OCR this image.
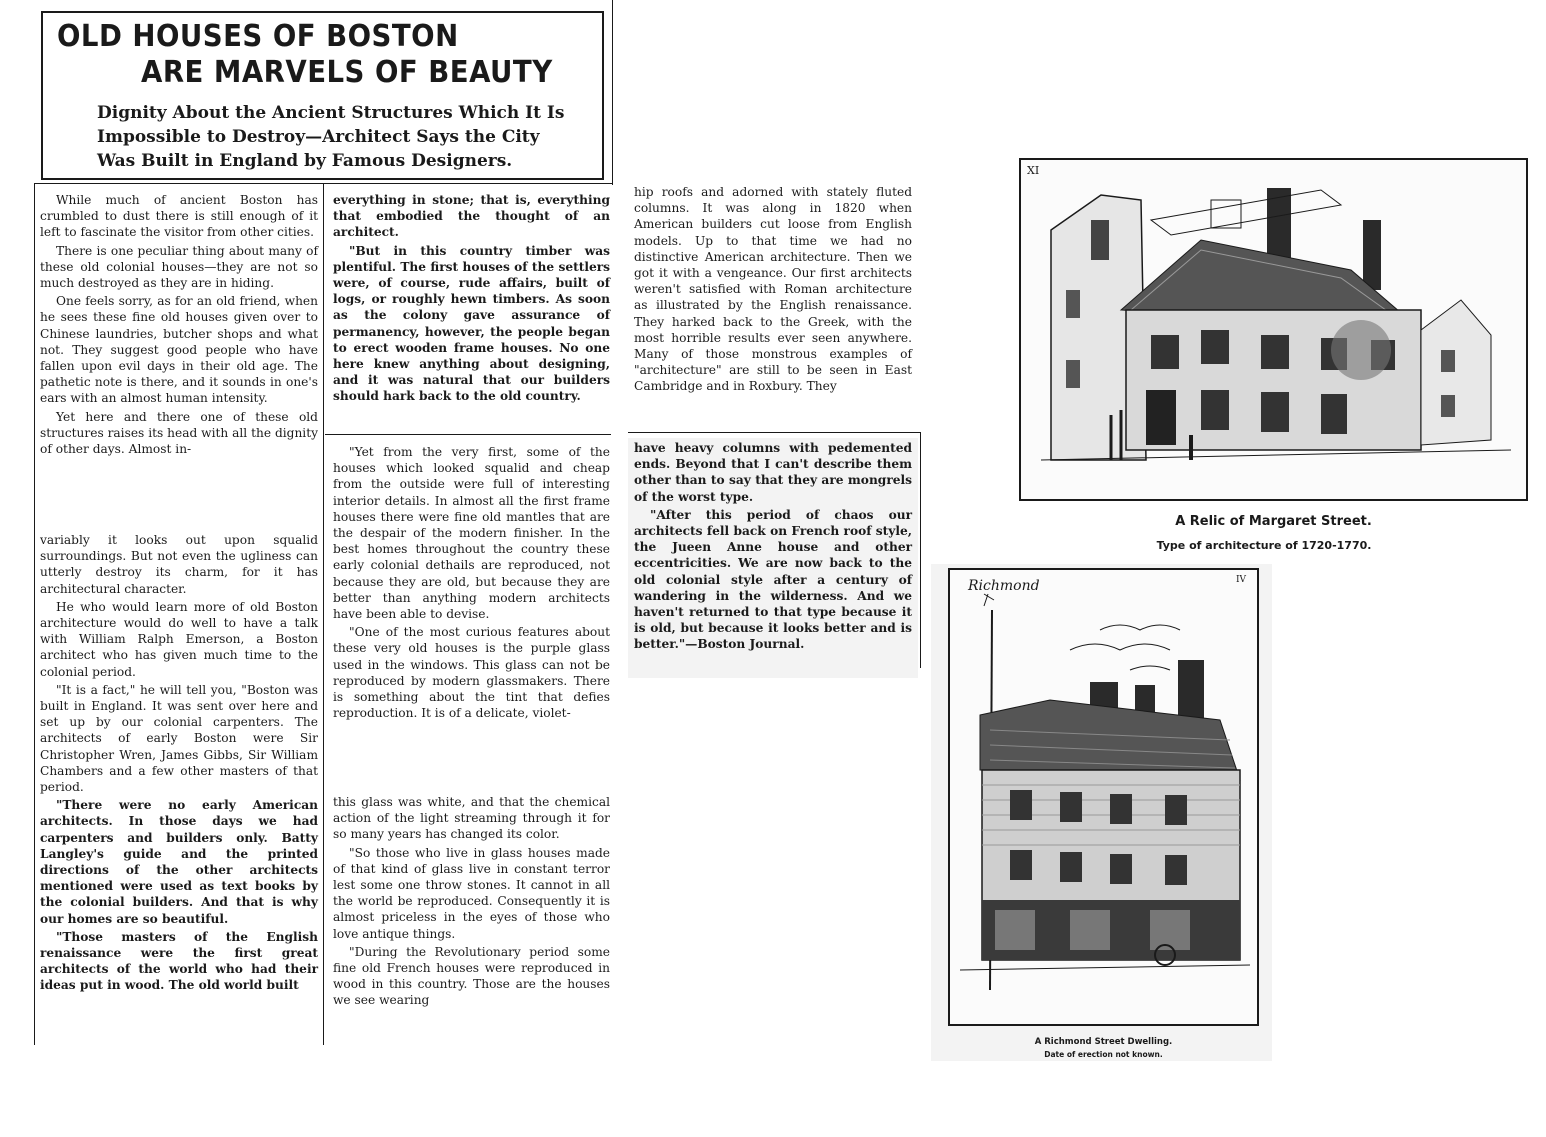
OLD HOUSES OF BOSTON
ARE MARVELS OF BEAUTY
Dignity About the Ancient Structures Which It Is
Impossible to Destroy—Architect Says the City
Was Built in England by Famous Designers.

While much of ancient Boston has crumbled to dust there is still enough of it left to fascinate the visitor from other cities.

There is one peculiar thing about many of these old colonial houses—they are not so much destroyed as they are in hiding.

One feels sorry, as for an old friend, when he sees these fine old houses given over to Chinese laundries, butcher shops and what not. They suggest good people who have fallen upon evil days in their old age. The pathetic note is there, and it sounds in one's ears with an almost human intensity.

Yet here and there one of these old structures raises its head with all the dignity of other days. Almost in-

variably it looks out upon squalid surroundings. But not even the ugliness can utterly destroy its charm, for it has architectural character.

He who would learn more of old Boston architecture would do well to have a talk with William Ralph Emerson, a Boston architect who has given much time to the colonial period.

"It is a fact," he will tell you, "Boston was built in England. It was sent over here and set up by our colonial carpenters. The architects of early Boston were Sir Christopher Wren, James Gibbs, Sir William Chambers and a few other masters of that period.

"There were no early American architects. In those days we had carpenters and builders only. Batty Langley's guide and the printed directions of the other architects mentioned were used as text books by the colonial builders. And that is why our homes are so beautiful.

"Those masters of the English renaissance were the first great architects of the world who had their ideas put in wood. The old world built

everything in stone; that is, everything that embodied the thought of an architect.

"But in this country timber was plentiful. The first houses of the settlers were, of course, rude affairs, built of logs, or roughly hewn timbers. As soon as the colony gave assurance of permanency, however, the people began to erect wooden frame houses. No one here knew anything about designing, and it was natural that our builders should hark back to the old country.

"Yet from the very first, some of the houses which looked squalid and cheap from the outside were full of interesting interior details. In almost all the first frame houses there were fine old mantles that are the despair of the modern finisher. In the best homes throughout the country these early colonial dethails are reproduced, not because they are old, but because they are better than anything modern architects have been able to devise.

"One of the most curious features about these very old houses is the purple glass used in the windows. This glass can not be reproduced by modern glassmakers. There is something about the tint that defies reproduction. It is of a delicate, violet-

this glass was white, and that the chemical action of the light streaming through it for so many years has changed its color.

"So those who live in glass houses made of that kind of glass live in constant terror lest some one throw stones. It cannot in all the world be reproduced. Consequently it is almost priceless in the eyes of those who love antique things.

"During the Revolutionary period some fine old French houses were reproduced in wood in this country. Those are the houses we see wearing

hip roofs and adorned with stately fluted columns. It was along in 1820 when American builders cut loose from English models. Up to that time we had no distinctive American architecture. Then we got it with a vengeance. Our first architects weren't satisfied with Roman architecture as illustrated by the English renaissance. They harked back to the Greek, with the most horrible results ever seen anywhere. Many of those monstrous examples of "architecture" are still to be seen in East Cambridge and in Roxbury. They

have heavy columns with pedemented ends. Beyond that I can't describe them other than to say that they are mongrels of the worst type.

"After this period of chaos our architects fell back on French roof style, the Jueen Anne house and other eccentricities. We are now back to the old colonial style after a century of wandering in the wilderness. And we haven't returned to that type because it is old, but because it looks better and is better."—Boston Journal.

XI
A Relic of Margaret Street.
Type of architecture of 1720-1770.
Richmond	IV
A Richmond Street Dwelling.
Date of erection not known.
